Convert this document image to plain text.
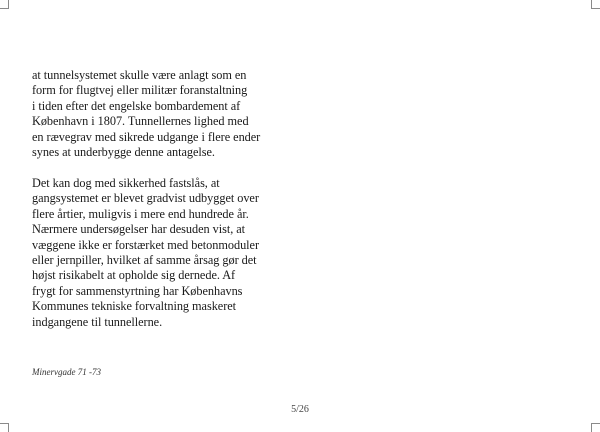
at tunnelsystemet skulle være anlagt som en
form for flugtvej eller militær foranstaltning
i tiden efter det engelske bombardement af
København i 1807. Tunnellernes lighed med
en rævegrav med sikrede udgange i flere ender
synes at underbygge denne antagelse.

Det kan dog med sikkerhed fastslås, at
gangsystemet er blevet gradvist udbygget over
flere årtier, muligvis i mere end hundrede år.
Nærmere undersøgelser har desuden vist, at
væggene ikke er forstærket med betonmoduler
eller jernpiller, hvilket af samme årsag gør det
højst risikabelt at opholde sig dernede. Af
frygt for sammenstyrtning har Københavns
Kommunes tekniske forvaltning maskeret
indgangene til tunnellerne.

Minervgade 71 -73
5/26
